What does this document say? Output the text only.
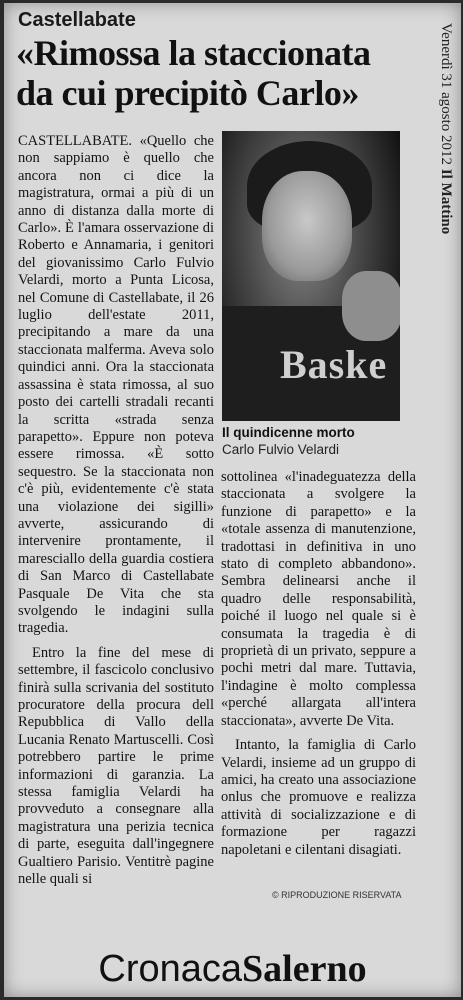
Castellabate
«Rimossa la staccionata da cui precipitò Carlo»	Venerdì 31 agosto 2012 Il Mattino

CASTELLABATE. «Quello che non sappiamo è quello che ancora non ci dice la magistratura, ormai a più di un anno di distanza dalla morte di Carlo». È l'amara osservazione di Roberto e Annamaria, i genitori del giovanissimo Carlo Fulvio Velardi, morto a Punta Licosa, nel Comune di Castellabate, il 26 luglio dell'estate 2011, precipitando a mare da una staccionata malferma. Aveva solo quindici anni. Ora la staccionata assassina è stata rimossa, al suo posto dei cartelli stradali recanti la scritta «strada senza parapetto». Eppure non poteva essere rimossa. «È sotto sequestro. Se la staccionata non c'è più, evidentemente c'è stata una violazione dei sigilli» avverte, assicurando di intervenire prontamente, il maresciallo della guardia costiera di San Marco di Castellabate Pasquale De Vita che sta svolgendo le indagini sulla tragedia.

Entro la fine del mese di settembre, il fascicolo conclusivo finirà sulla scrivania del sostituto procuratore della procura dell Repubblica di Vallo della Lucania Renato Martuscelli. Così potrebbero partire le prime informazioni di garanzia. La stessa famiglia Velardi ha provveduto a consegnare alla magistratura una perizia tecnica di parte, eseguita dall'ingegnere Gualtiero Parisio. Ventitrè pagine nelle quali si

Baske
Il quindicenne morto
Carlo Fulvio Velardi

sottolinea «l'inadeguatezza della staccionata a svolgere la funzione di parapetto» e la «totale assenza di manutenzione, tradottasi in definitiva in uno stato di completo abbandono». Sembra delinearsi anche il quadro delle responsabilità, poiché il luogo nel quale si è consumata la tragedia è di proprietà di un privato, seppure a pochi metri dal mare. Tuttavia, l'indagine è molto complessa «perché allargata all'intera staccionata», avverte De Vita.

Intanto, la famiglia di Carlo Velardi, insieme ad un gruppo di amici, ha creato una associazione onlus che promuove e realizza attività di socializzazione e di formazione per ragazzi napoletani e cilentani disagiati.

© RIPRODUZIONE RISERVATA
CronacaSalerno
